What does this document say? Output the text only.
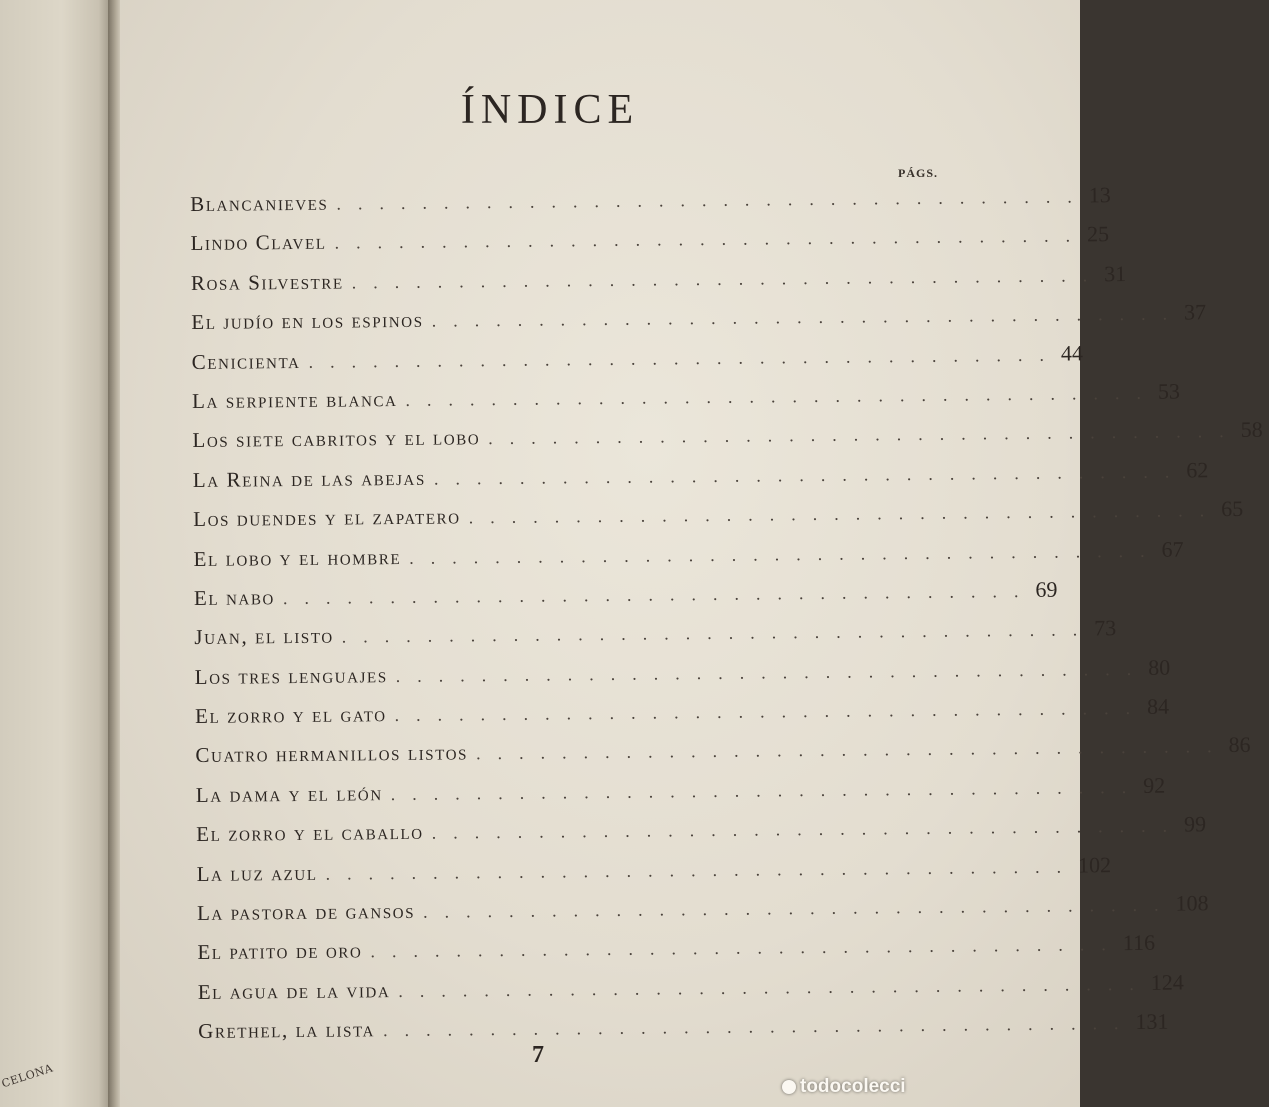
CELONA
ÍNDICE
PÁGS.
Blancanieves ................................... 13
Lindo Clavel ................................... 25
Rosa Silvestre ................................... 31
El judío en los espinos ................................... 37
Cenicienta ................................... 44
La serpiente blanca ................................... 53
Los siete cabritos y el lobo ................................... 58
La Reina de las abejas ................................... 62
Los duendes y el zapatero ................................... 65
El lobo y el hombre ................................... 67
El nabo ................................... 69
Juan, el listo ................................... 73
Los tres lenguajes ................................... 80
El zorro y el gato ................................... 84
Cuatro hermanillos listos ................................... 86
La dama y el león ................................... 92
El zorro y el caballo ................................... 99
La luz azul ................................... 102
La pastora de gansos ................................... 108
El patito de oro ................................... 116
El agua de la vida ................................... 124
Grethel, la lista ................................... 131
7
todocolecci
